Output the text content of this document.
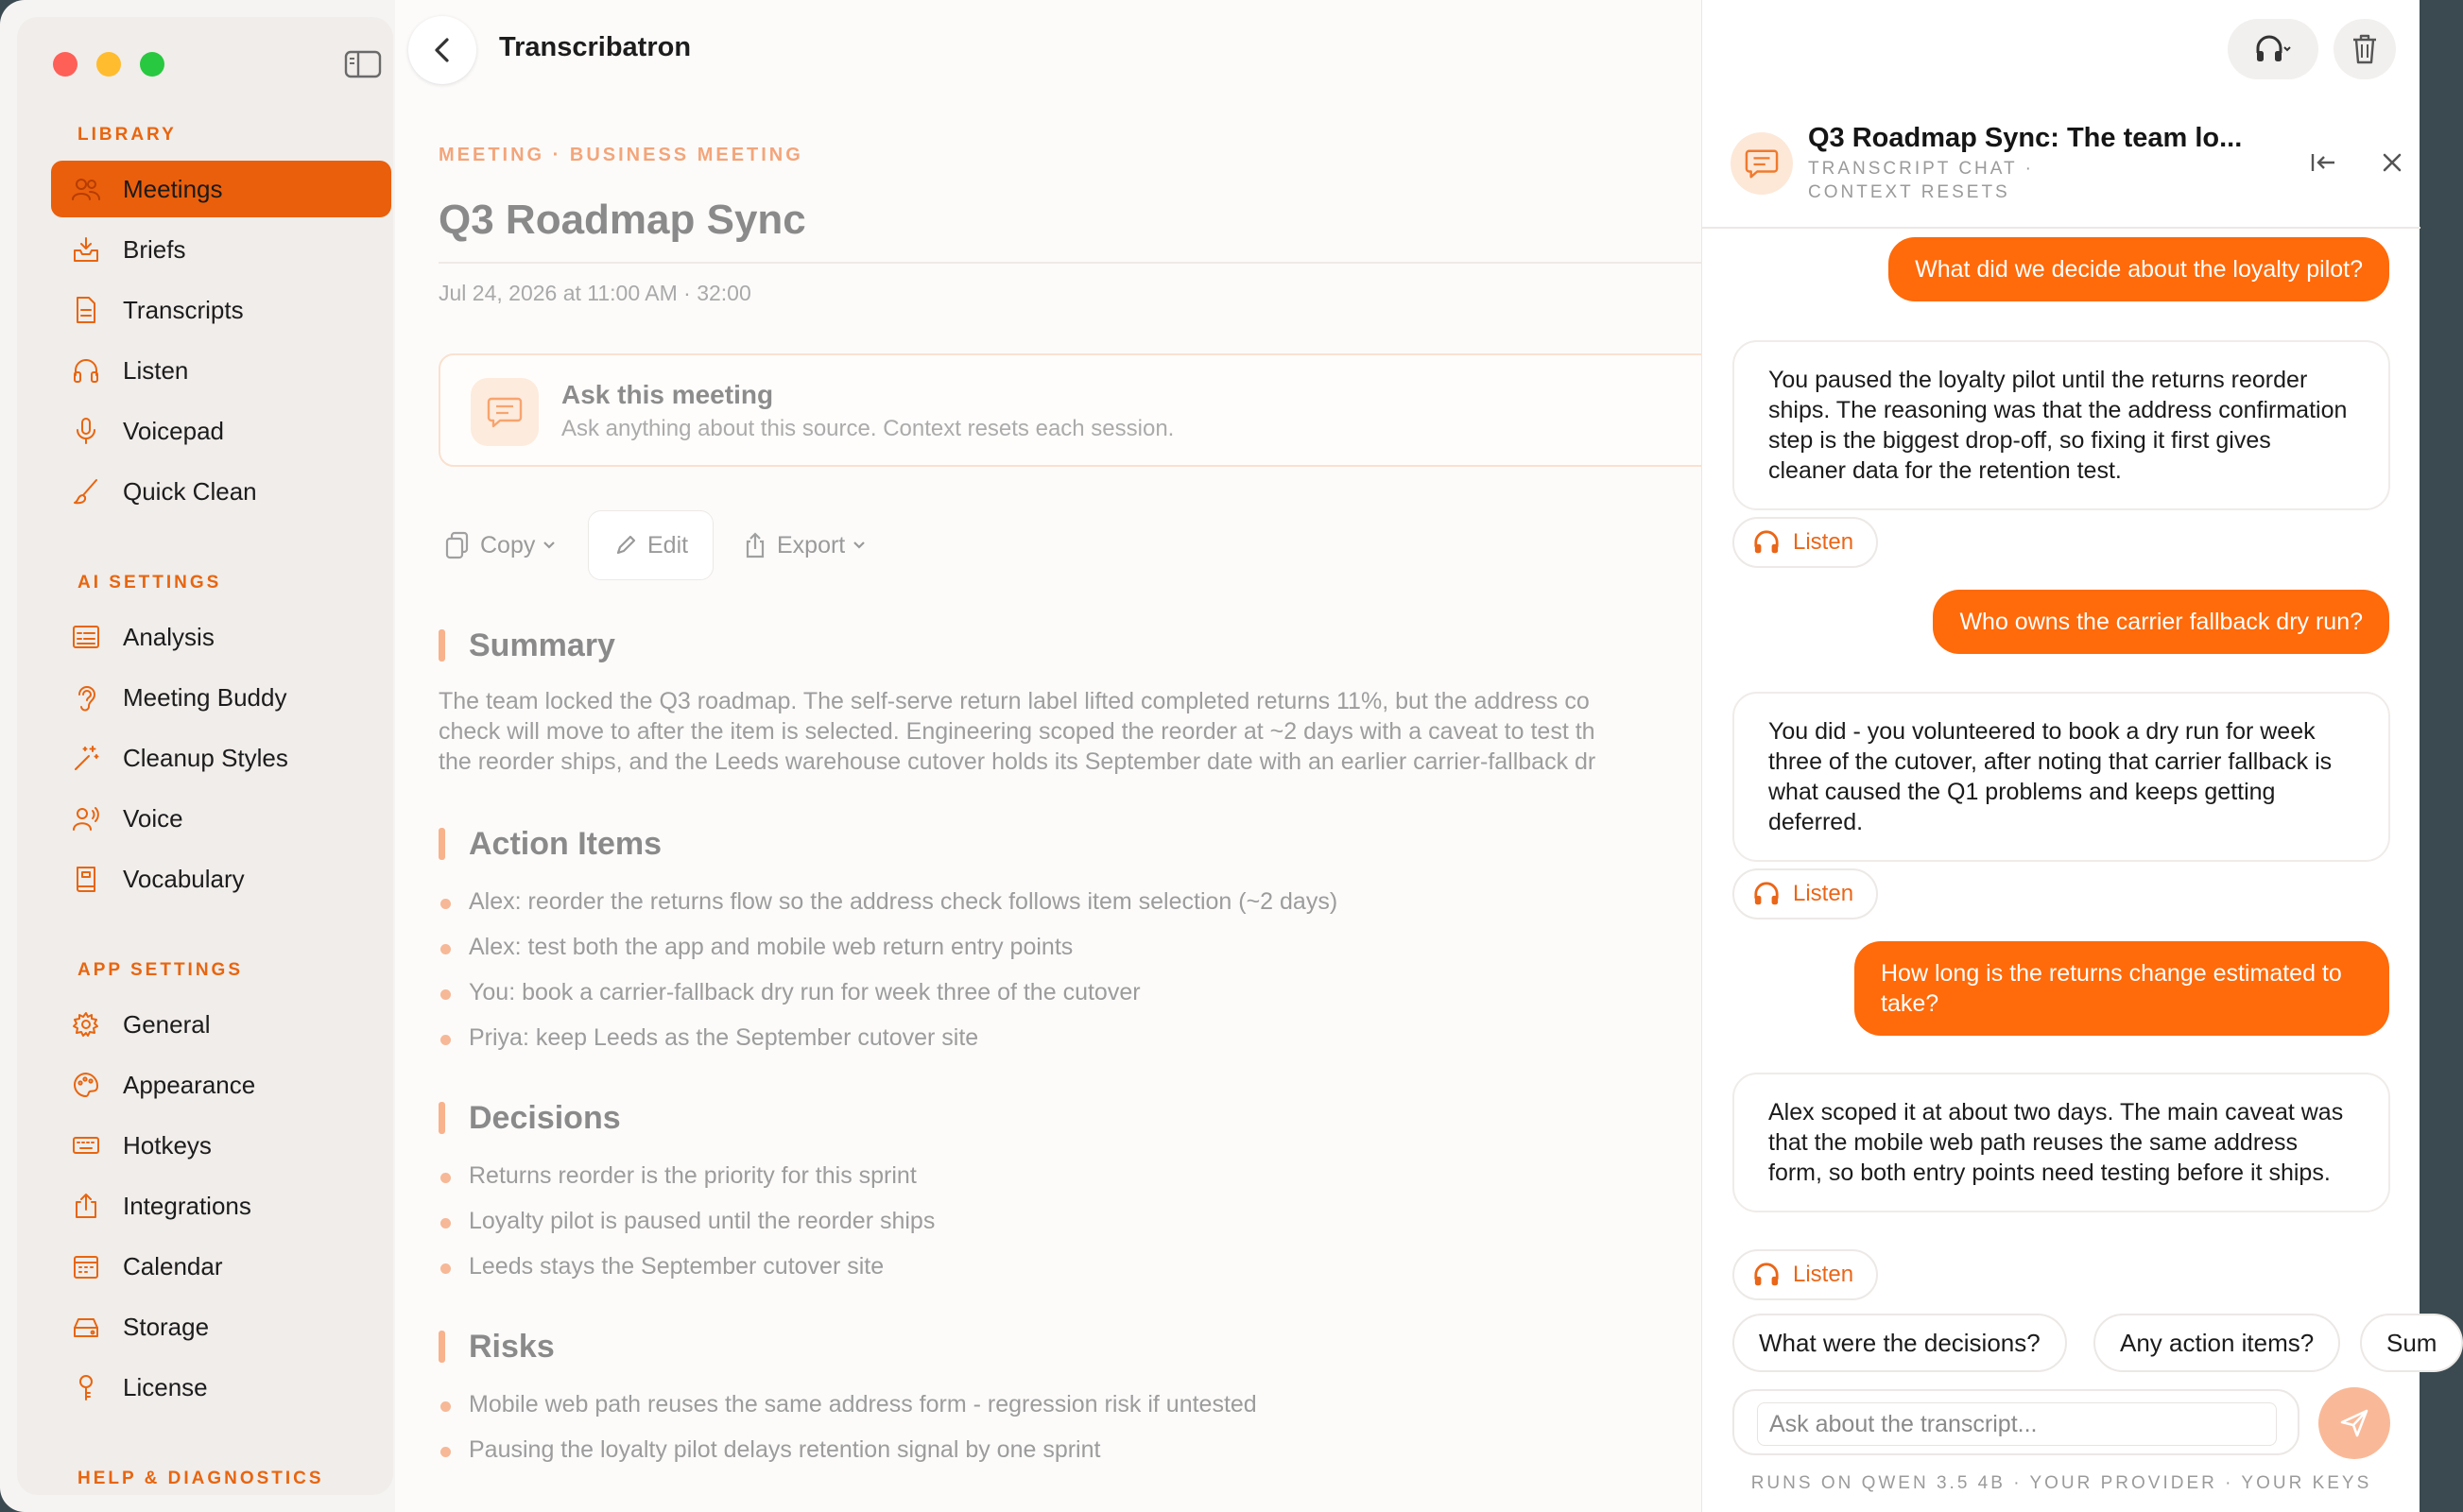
LIBRARY
Meetings
Briefs
Transcripts
Listen
Voicepad
Quick Clean
AI SETTINGS
Analysis
Meeting Buddy
Cleanup Styles
Voice
Vocabulary
APP SETTINGS
General
Appearance
Hotkeys
Integrations
Calendar
Storage
License
HELP & DIAGNOSTICS
Transcribatron
MEETING · BUSINESS MEETING
Q3 Roadmap Sync
Jul 24, 2026 at 11:00 AM · 32:00
Ask this meeting
Ask anything about this source. Context resets each session.
Copy	Edit	Export
Summary
The team locked the Q3 roadmap. The self-serve return label lifted completed returns 11%, but the address co
check will move to after the item is selected. Engineering scoped the reorder at ~2 days with a caveat to test th
the reorder ships, and the Leeds warehouse cutover holds its September date with an earlier carrier-fallback dr
Action Items
Alex: reorder the returns flow so the address check follows item selection (~2 days)
Alex: test both the app and mobile web return entry points
You: book a carrier-fallback dry run for week three of the cutover
Priya: keep Leeds as the September cutover site
Decisions
Returns reorder is the priority for this sprint
Loyalty pilot is paused until the reorder ships
Leeds stays the September cutover site
Risks
Mobile web path reuses the same address form - regression risk if untested
Pausing the loyalty pilot delays retention signal by one sprint
Q3 Roadmap Sync: The team lo...
TRANSCRIPT CHAT ·
CONTEXT RESETS
What did we decide about the loyalty pilot?
You paused the loyalty pilot until the returns reorder ships. The reasoning was that the address confirmation step is the biggest drop-off, so fixing it first gives cleaner data for the retention test.
Listen
Who owns the carrier fallback dry run?
You did - you volunteered to book a dry run for week three of the cutover, after noting that carrier fallback is what caused the Q1 problems and keeps getting deferred.
Listen
How long is the returns change estimated to take?
Alex scoped it at about two days. The main caveat was that the mobile web path reuses the same address form, so both entry points need testing before it ships.
Listen
What were the decisions?	Any action items?	Sum
Ask about the transcript...
RUNS ON QWEN 3.5 4B · YOUR PROVIDER · YOUR KEYS
